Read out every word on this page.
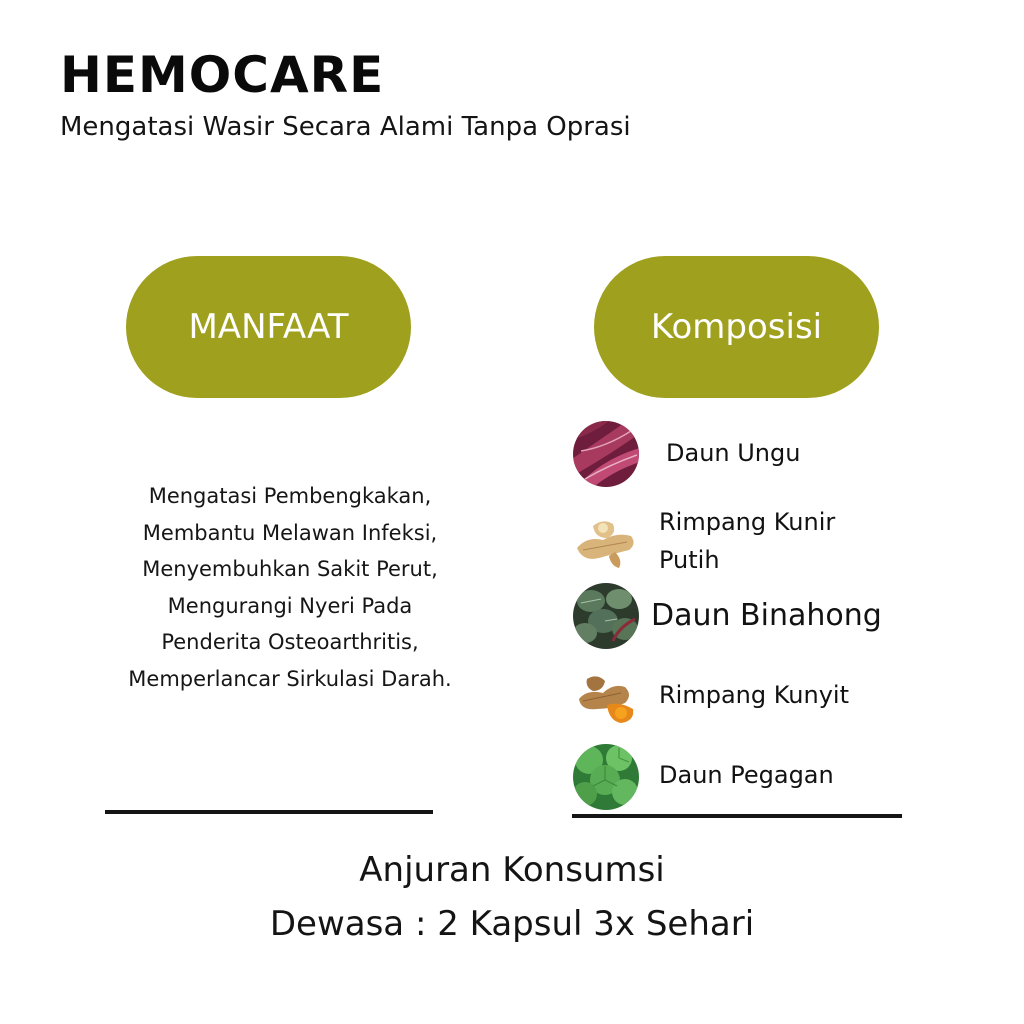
HEMOCARE
Mengatasi Wasir Secara Alami Tanpa Oprasi
MANFAAT	Komposisi
Mengatasi Pembengkakan,
Membantu Melawan Infeksi,
Menyembuhkan Sakit Perut,
Mengurangi Nyeri Pada
Penderita Osteoarthritis,
Memperlancar Sirkulasi Darah.
Daun Ungu
Rimpang Kunir
Putih
Daun Binahong
Rimpang Kunyit
Daun Pegagan
Anjuran Konsumsi
Dewasa : 2 Kapsul 3x Sehari
